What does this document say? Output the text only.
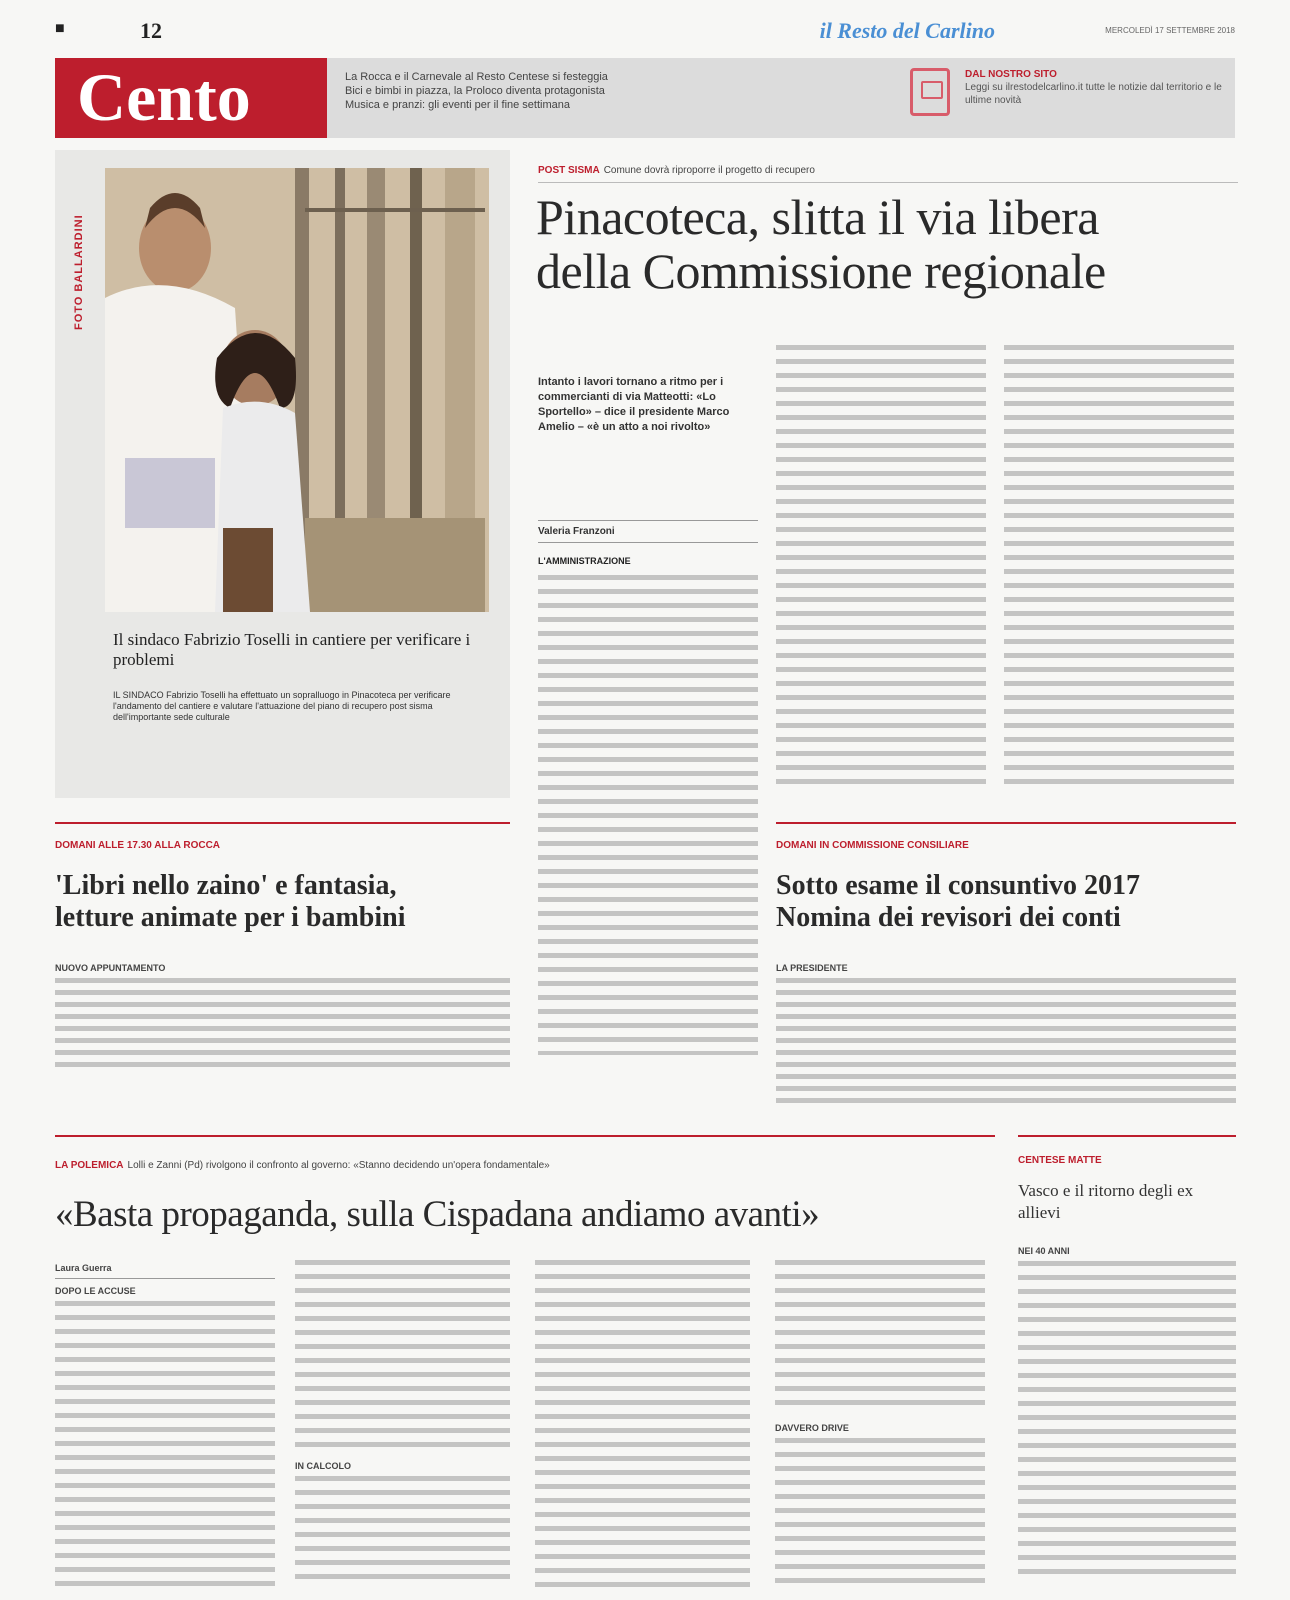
■	12	il Resto del Carlino	MERCOLEDÌ 17 SETTEMBRE 2018
Cento	La Rocca e il Carnevale al Resto Centese si festeggia
Bici e bimbi in piazza, la Proloco diventa protagonista
Musica e pranzi: gli eventi per il fine settimana
DAL NOSTRO SITO
Leggi su ilrestodelcarlino.it tutte le notizie dal territorio e le ultime novità
FOTO BALLARDINI
Il sindaco Fabrizio Toselli in cantiere per verificare i problemi
IL SINDACO Fabrizio Toselli ha effettuato un sopralluogo in Pinacoteca per verificare l'andamento del cantiere e valutare l'attuazione del piano di recupero post sisma dell'importante sede culturale
POST SISMA Comune dovrà riproporre il progetto di recupero
Pinacoteca, slitta il via libera
della Commissione regionale
Intanto i lavori tornano a ritmo per i commercianti di via Matteotti: «Lo Sportello» – dice il presidente Marco Amelio – «è un atto a noi rivolto»
Valeria Franzoni
L'AMMINISTRAZIONE
DOMANI ALLE 17.30 ALLA ROCCA
'Libri nello zaino' e fantasia,
letture animate per i bambini
NUOVO APPUNTAMENTO
DOMANI IN COMMISSIONE CONSILIARE
Sotto esame il consuntivo 2017
Nomina dei revisori dei conti
LA PRESIDENTE
LA POLEMICA Lolli e Zanni (Pd) rivolgono il confronto al governo: «Stanno decidendo un'opera fondamentale»
«Basta propaganda, sulla Cispadana andiamo avanti»
Laura Guerra
DOPO LE ACCUSE
IN CALCOLO
DAVVERO DRIVE
CENTESE MATTE
Vasco e il ritorno degli ex allievi
NEI 40 ANNI
